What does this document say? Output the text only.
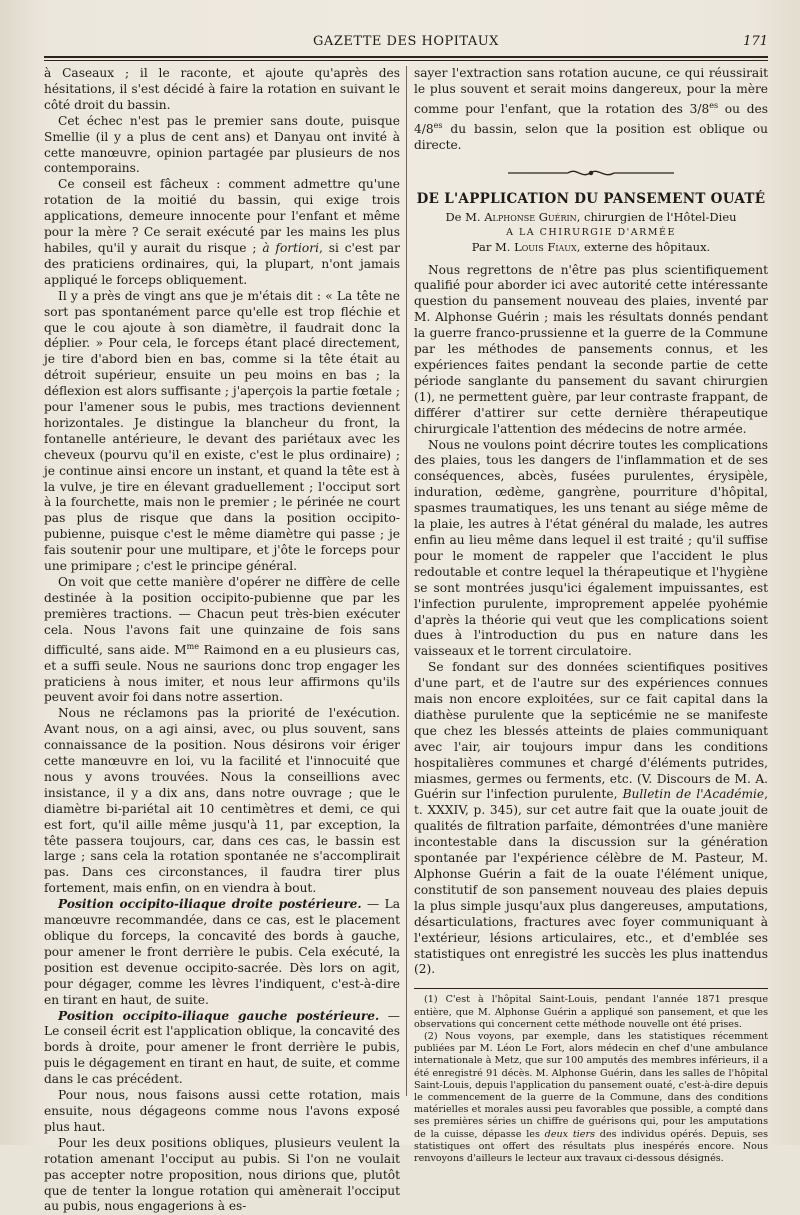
GAZETTE DES HOPITAUX	171

à Caseaux ; il le raconte, et ajoute qu'après des hésitations, il s'est décidé à faire la rotation en suivant le côté droit du bassin.

Cet échec n'est pas le premier sans doute, puisque Smellie (il y a plus de cent ans) et Danyau ont invité à cette manœuvre, opinion partagée par plusieurs de nos contemporains.

Ce conseil est fâcheux : comment admettre qu'une rotation de la moitié du bassin, qui exige trois applications, demeure innocente pour l'enfant et même pour la mère ? Ce serait exécuté par les mains les plus habiles, qu'il y aurait du risque ; à fortiori, si c'est par des praticiens ordinaires, qui, la plupart, n'ont jamais appliqué le forceps obliquement.

Il y a près de vingt ans que je m'étais dit : « La tête ne sort pas spontanément parce qu'elle est trop fléchie et que le cou ajoute à son diamètre, il faudrait donc la déplier. » Pour cela, le forceps étant placé directement, je tire d'abord bien en bas, comme si la tête était au détroit supérieur, ensuite un peu moins en bas ; la déflexion est alors suffisante ; j'aperçois la partie fœtale ; pour l'amener sous le pubis, mes tractions deviennent horizontales. Je distingue la blancheur du front, la fontanelle antérieure, le devant des pariétaux avec les cheveux (pourvu qu'il en existe, c'est le plus ordinaire) ; je continue ainsi encore un instant, et quand la tête est à la vulve, je tire en élevant graduellement ; l'occiput sort à la fourchette, mais non le premier ; le périnée ne court pas plus de risque que dans la position occipito-pubienne, puisque c'est le même diamètre qui passe ; je fais soutenir pour une multipare, et j'ôte le forceps pour une primipare ; c'est le principe général.

On voit que cette manière d'opérer ne diffère de celle destinée à la position occipito-pubienne que par les premières tractions. — Chacun peut très-bien exécuter cela. Nous l'avons fait une quinzaine de fois sans difficulté, sans aide. $M^{me}$ Raimond en a eu plusieurs cas, et a suffi seule. Nous ne saurions donc trop engager les praticiens à nous imiter, et nous leur affirmons qu'ils peuvent avoir foi dans notre assertion.

Nous ne réclamons pas la priorité de l'exécution. Avant nous, on a agi ainsi, avec, ou plus souvent, sans connaissance de la position. Nous désirons voir ériger cette manœuvre en loi, vu la facilité et l'innocuité que nous y avons trouvées. Nous la conseillions avec insistance, il y a dix ans, dans notre ouvrage ; que le diamètre bi-pariétal ait 10 centimètres et demi, ce qui est fort, qu'il aille même jusqu'à 11, par exception, la tête passera toujours, car, dans ces cas, le bassin est large ; sans cela la rotation spontanée ne s'accomplirait pas. Dans ces circonstances, il faudra tirer plus fortement, mais enfin, on en viendra à bout.

Position occipito-iliaque droite postérieure. — La manœuvre recommandée, dans ce cas, est le placement oblique du forceps, la concavité des bords à gauche, pour amener le front derrière le pubis. Cela exécuté, la position est devenue occipito-sacrée. Dès lors on agit, pour dégager, comme les lèvres l'indiquent, c'est-à-dire en tirant en haut, de suite.

Position occipito-iliaque gauche postérieure. — Le conseil écrit est l'application oblique, la concavité des bords à droite, pour amener le front derrière le pubis, puis le dégagement en tirant en haut, de suite, et comme dans le cas précédent.

Pour nous, nous faisons aussi cette rotation, mais ensuite, nous dégageons comme nous l'avons exposé plus haut.

Pour les deux positions obliques, plusieurs veulent la rotation amenant l'occiput au pubis. Si l'on ne voulait pas accepter notre proposition, nous dirions que, plutôt que de tenter la longue rotation qui amènerait l'occiput au pubis, nous engagerions à es-

sayer l'extraction sans rotation aucune, ce qui réussirait le plus souvent et serait moins dangereux, pour la mère comme pour l'enfant, que la rotation des $3/8^{es}$ ou des $4/8^{es}$ du bassin, selon que la position est oblique ou directe.

DE L'APPLICATION DU PANSEMENT OUATÉ

De M. Alphonse Guérin, chirurgien de l'Hôtel-Dieu

A LA CHIRURGIE D'ARMÉE

Par M. Louis Fiaux, externe des hôpitaux.

Nous regrettons de n'être pas plus scientifiquement qualifié pour aborder ici avec autorité cette intéressante question du pansement nouveau des plaies, inventé par M. Alphonse Guérin ; mais les résultats donnés pendant la guerre franco-prussienne et la guerre de la Commune par les méthodes de pansements connus, et les expériences faites pendant la seconde partie de cette période sanglante du pansement du savant chirurgien (1), ne permettent guère, par leur contraste frappant, de différer d'attirer sur cette dernière thérapeutique chirurgicale l'attention des médecins de notre armée.

Nous ne voulons point décrire toutes les complications des plaies, tous les dangers de l'inflammation et de ses conséquences, abcès, fusées purulentes, érysipèle, induration, œdème, gangrène, pourriture d'hôpital, spasmes traumatiques, les uns tenant au siége même de la plaie, les autres à l'état général du malade, les autres enfin au lieu même dans lequel il est traité ; qu'il suffise pour le moment de rappeler que l'accident le plus redoutable et contre lequel la thérapeutique et l'hygiène se sont montrées jusqu'ici également impuissantes, est l'infection purulente, improprement appelée pyohémie d'après la théorie qui veut que les complications soient dues à l'introduction du pus en nature dans les vaisseaux et le torrent circulatoire.

Se fondant sur des données scientifiques positives d'une part, et de l'autre sur des expériences connues mais non encore exploitées, sur ce fait capital dans la diathèse purulente que la septicémie ne se manifeste que chez les blessés atteints de plaies communiquant avec l'air, air toujours impur dans les conditions hospitalières communes et chargé d'éléments putrides, miasmes, germes ou ferments, etc. (V. Discours de M. A. Guérin sur l'infection purulente, Bulletin de l'Académie, t. XXXIV, p. 345), sur cet autre fait que la ouate jouit de qualités de filtration parfaite, démontrées d'une manière incontestable dans la discussion sur la génération spontanée par l'expérience célèbre de M. Pasteur, M. Alphonse Guérin a fait de la ouate l'élément unique, constitutif de son pansement nouveau des plaies depuis la plus simple jusqu'aux plus dangereuses, amputations, désarticulations, fractures avec foyer communiquant à l'extérieur, lésions articulaires, etc., et d'emblée ses statistiques ont enregistré les succès les plus inattendus (2).

(1) C'est à l'hôpital Saint-Louis, pendant l'année 1871 presque entière, que M. Alphonse Guérin a appliqué son pansement, et que les observations qui concernent cette méthode nouvelle ont été prises.

(2) Nous voyons, par exemple, dans les statistiques récemment publiées par M. Léon Le Fort, alors médecin en chef d'une ambulance internationale à Metz, que sur 100 amputés des membres inférieurs, il a été enregistré 91 décès. M. Alphonse Guérin, dans les salles de l'hôpital Saint-Louis, depuis l'application du pansement ouaté, c'est-à-dire depuis le commencement de la guerre de la Commune, dans des conditions matérielles et morales aussi peu favorables que possible, a compté dans ses premières séries un chiffre de guérisons qui, pour les amputations de la cuisse, dépasse les deux tiers des individus opérés. Depuis, ses statistiques ont offert des résultats plus inespérés encore. Nous renvoyons d'ailleurs le lecteur aux travaux ci-dessous désignés.
